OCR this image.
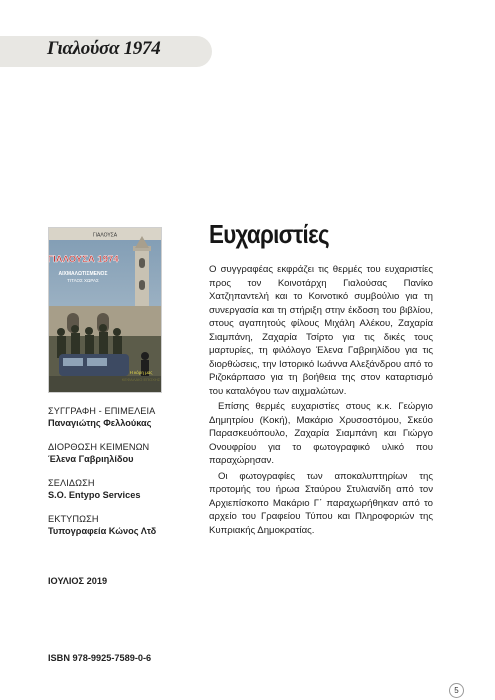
Γιαλούσα 1974
ΓΙΑΛΟΥΣΑ
ΓΙΑΛΟΥΣΑ 1974
ΑΙΧΜΑΛΩΤΙΣΜΕΝΟΣ
ΤΙΤΛΟΣ ΧΩΡΑΣ
Η κόρη μας
ΣΥΓΓΡΑΦΗ - ΕΠΙΜΕΛΕΙΑ
Παναγιώτης Φελλούκας
ΔΙΟΡΘΩΣΗ ΚΕΙΜΕΝΩΝ
Έλενα Γαβριηλίδου
ΣΕΛΙΔΩΣΗ
S.O. Entypo Services
ΕΚΤΥΠΩΣΗ
Τυπογραφεία Κώνος Λτδ
ΙΟΥΛΙΟΣ 2019
ISBN 978-9925-7589-0-6
Ευχαριστίες

Ο συγγραφέας εκφράζει τις θερμές του ευχαριστίες προς τον Κοινοτάρχη Γιαλούσας Πανίκο Χατζηπαντελή και το Κοινοτικό συμβούλιο για τη συνεργασία και τη στήριξη στην έκδοση του βιβλίου, στους αγαπητούς φίλους Μιχάλη Αλέκου, Ζαχαρία Σιαμπάνη, Ζαχαρία Τσίρτο για τις δικές τους μαρτυρίες, τη φιλόλογο Έλενα Γαβριηλίδου για τις διορθώσεις, την Ιστορικό Ιωάννα Αλεξάνδρου από το Ριζοκάρπασο για τη βοήθεια της στον καταρτισμό του καταλόγου των αιχμαλώτων.

Επίσης θερμές ευχαριστίες στους κ.κ. Γεώργιο Δημητρίου (Κοκή), Μακάριο Χρυσοστόμου, Σκεύο Παρασκευόπουλο, Ζαχαρία Σιαμπάνη και Γιώργο Ονουφρίου για το φωτογραφικό υλικό που παραχώρησαν.

Οι φωτογραφίες των αποκαλυπτηρίων της προτομής του ήρωα Σταύρου Στυλιανίδη από τον Αρχιεπίσκοπο Μακάριο Γ΄ παραχωρήθηκαν από το αρχείο του Γραφείου Τύπου και Πληροφοριών της Κυπριακής Δημοκρατίας.

5
